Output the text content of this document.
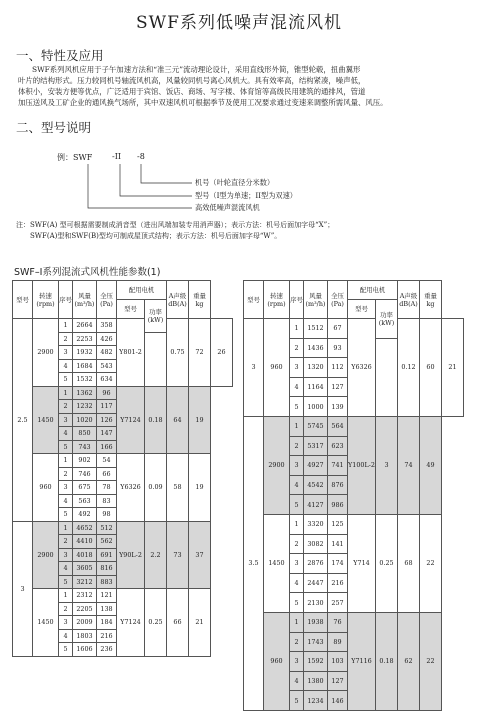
SWF系列低噪声混流风机
一、特性及应用
SWF系列风机应用于子午加速方法和“准三元”流动理论设计，采用直线形外简，锥型轮毂，扭曲翼形
叶片的结构形式。压力较同机号轴流风机高，风量较同机号离心风机大。具有效率高，结构紧凑，噪声低，
体积小，安装方便等优点，广泛适用于宾馆、饭店、商场、写字楼、体育馆等高级民用建筑的通排风，管道
加压送风及工矿企业的通风换气场所，其中双速风机可根据季节及使用工况要求通过变速来调整所需风量、风压。
二、型号说明
例：SWF -II -8
机号（叶轮直径分米数）
型号（I型为单速；II型为双速）
高效低噪声混流风机
注：SWF(A) 型可根据需要制成消音型（进出风端加装专用消声器）；表示方法：机号后面加字母“X”；
SWF(A)型和SWF(B)型均可制成屋顶式结构；表示方法：机号后面加字母“W”。
SWF–I系列混流式风机性能参数(1)
型号	转速
(rpm)	序号	风量
(m³/h)	全压
(Pa)	配用电机		A声级
dB(A)	重量
kg	
					型号	功率
(kW)			
2.5	2900	1	2664	358	Y801-2		0.75	72	26
		2	2253	426					
		3	1932	482					
		4	1684	543					
		5	1532	634					
	1450	1	1362	96	Y7124	0.18	64	19	
		2	1232	117					
		3	1020	126					
		4	850	147					
		5	743	166					
	960	1	902	54	Y6326	0.09	58	19	
		2	746	66					
		3	675	78					
		4	563	83					
		5	492	98					
3	2900	1	4652	512	Y90L-2	2.2	73	37	
		2	4410	562					
		3	4018	691					
		4	3605	816					
		5	3212	883					
	1450	1	2312	121	Y7124	0.25	66	21	
		2	2205	138					
		3	2009	184					
		4	1803	216					
		5	1606	236					
型号	转速
(rpm)	序号	风量
(m³/h)	全压
(Pa)	配用电机		A声级
dB(A)	重量
kg	
					型号	功率
(kW)			
3	960	1	1512	67	Y6326		0.12	60	21
		2	1436	93					
		3	1320	112					
		4	1164	127					
		5	1000	139					
3.5	2900	1	5745	564	Y100L-2	3	74	49	
		2	5317	623					
		3	4927	741					
		4	4542	876					
		5	4127	986					
	1450	1	3320	125	Y714	0.25	68	22	
		2	3082	141					
		3	2876	174					
		4	2447	216					
		5	2130	257					
	960	1	1938	76	Y7116	0.18	62	22	
		2	1743	89					
		3	1592	103					
		4	1380	127					
		5	1234	146					
